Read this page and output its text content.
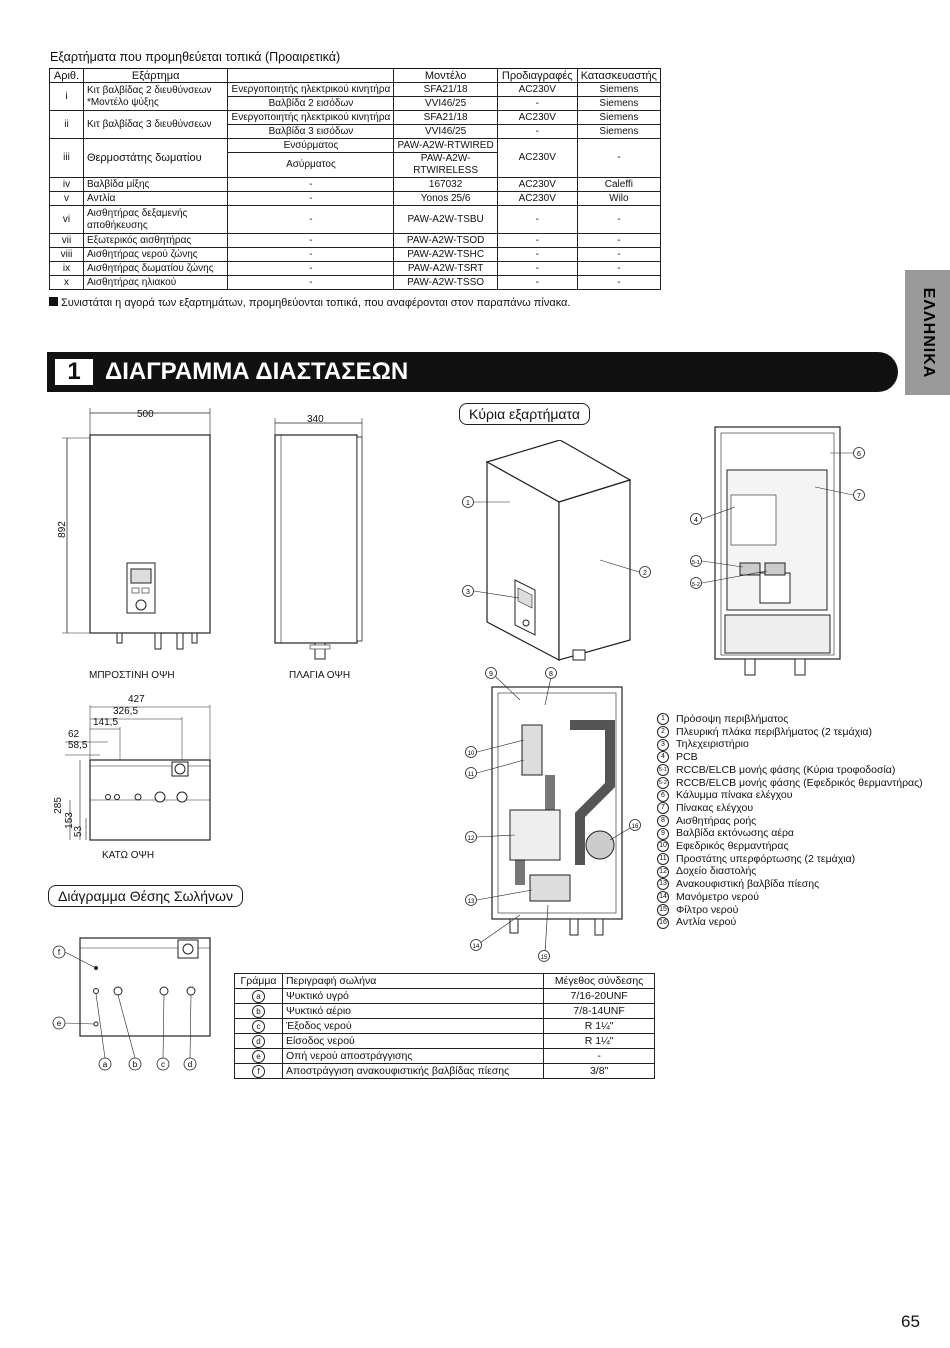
Εξαρτήματα που προμηθεύεται τοπικά (Προαιρετικά)
Αριθ.	Εξάρτημα		Μοντέλο	Προδιαγραφές	Κατασκευαστής
i	Κιτ βαλβίδας 2 διευθύνσεων *Μοντέλο ψύξης	Ενεργοποιητής ηλεκτρικού κινητήρα	SFA21/18	AC230V	Siemens
		Βαλβίδα 2 εισόδων	VVI46/25	-	Siemens
ii	Κιτ βαλβίδας 3 διευθύνσεων	Ενεργοποιητής ηλεκτρικού κινητήρα	SFA21/18	AC230V	Siemens
		Βαλβίδα 3 εισόδων	VVI46/25	-	Siemens
iii	Θερμοστάτης δωματίου	Ενσύρματος	PAW-A2W-RTWIRED	AC230V	-
		Ασύρματος	PAW-A2W-RTWIRELESS		
iv	Βαλβίδα μίξης	-	167032	AC230V	Caleffi
v	Αντλία	-	Yonos 25/6	AC230V	Wilo
vi	Αισθητήρας δεξαμενής αποθήκευσης	-	PAW-A2W-TSBU	-	-
vii	Εξωτερικός αισθητήρας	-	PAW-A2W-TSOD	-	-
viii	Αισθητήρας νερού ζώνης	-	PAW-A2W-TSHC	-	-
ix	Αισθητήρας δωματίου ζώνης	-	PAW-A2W-TSRT	-	-
x	Αισθητήρας ηλιακού	-	PAW-A2W-TSSO	-	-
Συνιστάται η αγορά των εξαρτημάτων, προμηθεύονται τοπικά, που αναφέρονται στον παραπάνω πίνακα.	ΕΛΛΗΝΙΚΑ
1	ΔΙΑΓΡΑΜΜΑ ΔΙΑΣΤΑΣΕΩΝ
500
892
ΜΠΡΟΣΤΙΝΗ ΟΨΗ
340
ΠΛΑΓΙΑ ΟΨΗ
427
326,5
141,5
62
58,5
285
153
53
ΚΑΤΩ ΟΨΗ
Κύρια εξαρτήματα
1
3
2
6
7
4
5-1
5-2
9	8
10
11
12
13
16
14
15
1	Πρόσοψη περιβλήματος
2	Πλευρική πλάκα περιβλήματος (2 τεμάχια)
3	Τηλεχειριστήριο
4	PCB
5-1 RCCB/ELCB μονής φάσης (Κύρια τροφοδοσία)
5-2 RCCB/ELCB μονής φάσης (Εφεδρικός θερμαντήρας)
6	Κάλυμμα πίνακα ελέγχου
7	Πίνακας ελέγχου
8	Αισθητήρας ροής
9	Βαλβίδα εκτόνωσης αέρα
10 Εφεδρικός θερμαντήρας
11 Προστάτης υπερφόρτωσης (2 τεμάχια)
12 Δοχείο διαστολής
13 Ανακουφιστική βαλβίδα πίεσης
14 Μανόμετρο νερού
15 Φίλτρο νερού
16 Αντλία νερού
Διάγραμμα Θέσης Σωλήνων
f
e
a	b	c	d
Γράμμα	Περιγραφή σωλήνα	Μέγεθος σύνδεσης
a	Ψυκτικό υγρό	7/16-20UNF
b	Ψυκτικό αέριο	7/8-14UNF
c	Έξοδος νερού	R 1¼"
d	Είσοδος νερού	R 1¼"
e	Οπή νερού αποστράγγισης	-
f	Αποστράγγιση ανακουφιστικής βαλβίδας πίεσης	3/8"
65
